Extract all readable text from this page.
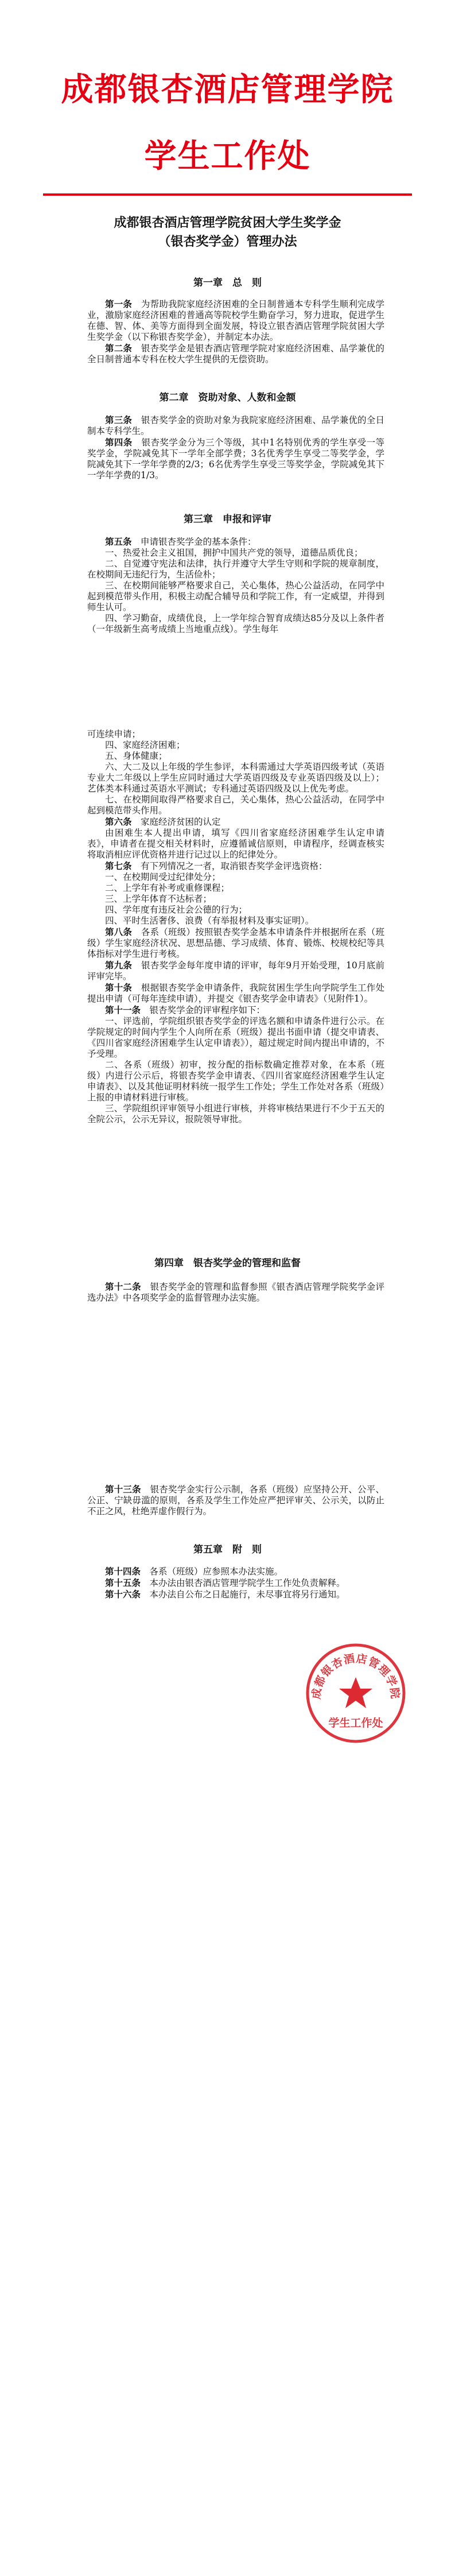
成都银杏酒店管理学院
学生工作处
成都银杏酒店管理学院贫困大学生奖学金
（银杏奖学金）管理办法
第一章　总　则

第一条　 为帮助我院家庭经济困难的全日制普通本专科学生顺利完成学业，激励家庭经济困难的普通高等院校学生勤奋学习，努力进取，促进学生在德、智、体、美等方面得到全面发展，特设立银杏酒店管理学院贫困大学生奖学金（以下称银杏奖学金），并制定本办法。

第二条　 银杏奖学金是银杏酒店管理学院对家庭经济困难、品学兼优的全日制普通本专科在校大学生提供的无偿资助。

第二章　资助对象、人数和金额

第三条　 银杏奖学金的资助对象为我院家庭经济困难、品学兼优的全日制本专科学生。

第四条　 银杏奖学金分为三个等级，其中1名特别优秀的学生享受一等奖学金，学院减免其下一学年全部学费；3名优秀学生享受二等奖学金，学院减免其下一学年学费的2/3；6名优秀学生享受三等奖学金，学院减免其下一学年学费的1/3。

第三章　申报和评审

第五条　 申请银杏奖学金的基本条件：

一、热爱社会主义祖国，拥护中国共产党的领导，道德品质优良；

二、自觉遵守宪法和法律，执行并遵守大学生守则和学院的规章制度，在校期间无违纪行为，生活俭朴；

三、在校期间能够严格要求自己，关心集体，热心公益活动，在同学中起到模范带头作用，积极主动配合辅导员和学院工作，有一定威望，并得到师生认可。

四、学习勤奋，成绩优良，上一学年综合智育成绩达85分及以上条件者（一年级新生高考成绩上当地重点线）。学生每年

可连续申请；

四、家庭经济困难；

五、身体健康；

六、大二及以上年级的学生参评，本科需通过大学英语四级考试（英语专业大二年级以上学生应同时通过大学英语四级及专业英语四级及以上）；艺体类本科通过英语水平测试；专科通过英语四级及以上优先考虑。

七、在校期间取得严格要求自己，关心集体，热心公益活动，在同学中起到模范带头作用。

第六条　 家庭经济贫困的认定

由困难生本人提出申请，填写《四川省家庭经济困难学生认定申请表》，申请者在提交相关材料时，应遵循诚信原则，申请程序，经调查核实将取消相应评优资格并进行记过以上的纪律处分。

第七条　 有下列情况之一者，取消银杏奖学金评选资格：

一、在校期间受过纪律处分；

二、上学年有补考或重修课程；

三、上学年体育不达标者；

四、学年度有违反社会公德的行为；

四、平时生活奢侈、浪费（有举报材料及事实证明）。

第八条　 各系（班级）按照银杏奖学金基本申请条件并根据所在系（班级）学生家庭经济状况、思想品德、学习成绩、体育、锻炼、校规校纪等具体指标对学生进行考核。

第九条　 银杏奖学金每年度申请的评审，每年9月开始受理，10月底前评审完毕。

第十条　 根据银杏奖学金申请条件，我院贫困生学生向学院学生工作处提出申请（可每年连续申请），并提交《银杏奖学金申请表》（见附件1）。

第十一条　 银杏奖学金的评审程序如下：

一、评选前，学院组织银杏奖学金的评选名额和申请条件进行公示。在学院规定的时间内学生个人向所在系（班级）提出书面申请（提交申请表、《四川省家庭经济困难学生认定申请表》），超过规定时间内提出申请的，不予受理。

二、各系（班级）初审，按分配的指标数确定推荐对象，在本系（班级）内进行公示后，将银杏奖学金申请表、《四川省家庭经济困难学生认定申请表》、以及其他证明材料统一报学生工作处；学生工作处对各系（班级）上报的申请材料进行审核。

三、学院组织评审领导小组进行审核，并将审核结果进行不少于五天的全院公示，公示无异议，报院领导审批。

第四章　银杏奖学金的管理和监督

第十二条　 银杏奖学金的管理和监督参照《银杏酒店管理学院奖学金评选办法》中各项奖学金的监督管理办法实施。

第十三条　 银杏奖学金实行公示制，各系（班级）应坚持公开、公平、公正、宁缺毋滥的原则，各系及学生工作处应严把评审关、公示关，以防止不正之风，杜绝弄虚作假行为。

第五章　附　则

第十四条　 各系（班级）应参照本办法实施。

第十五条　 本办法由银杏酒店管理学院学生工作处负责解释。

第十六条　 本办法自公布之日起施行，未尽事宜将另行通知。

成都银杏酒店管理学院
学生工作处
